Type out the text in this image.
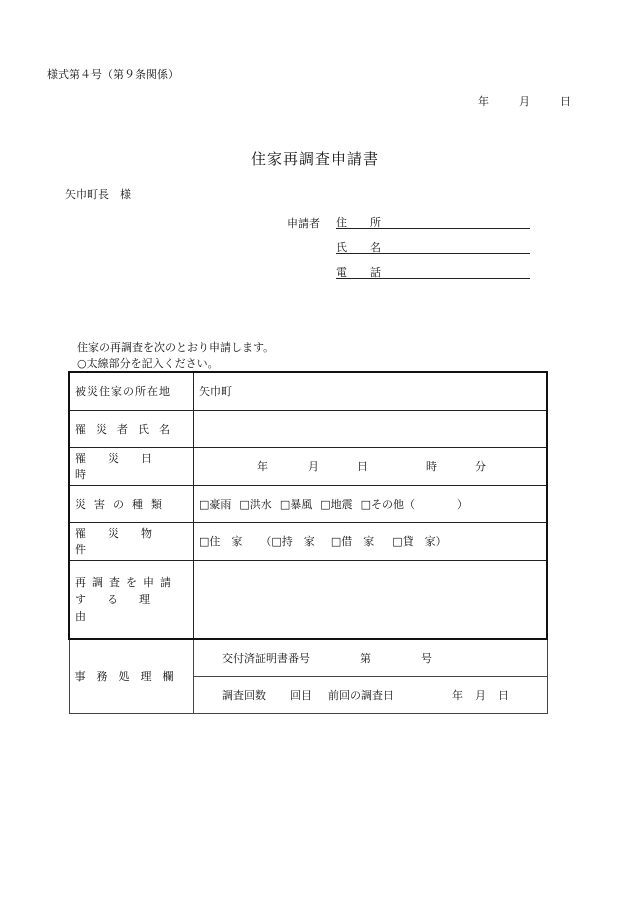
様式第４号（第９条関係）
年	月	日
住家再調査申請書
矢巾町長　様
申請者 住　所
氏　名
電　話
住家の再調査を次のとおり申請します。
○太線部分を記入ください。
被災住家の所在地	矢巾町
罹災者氏名	
罹災日時	年 月 日 時 分
災害の種類	□豪雨 □洪水 □暴風 □地震 □その他（ ）
罹災物件	□住　家 （□持　家 □借　家 □貸　家）

再調査を申請
する理由	

事務処理欄	交付済証明書番号 第 号
	調査回数 回目 前回の調査日 年 月 日
